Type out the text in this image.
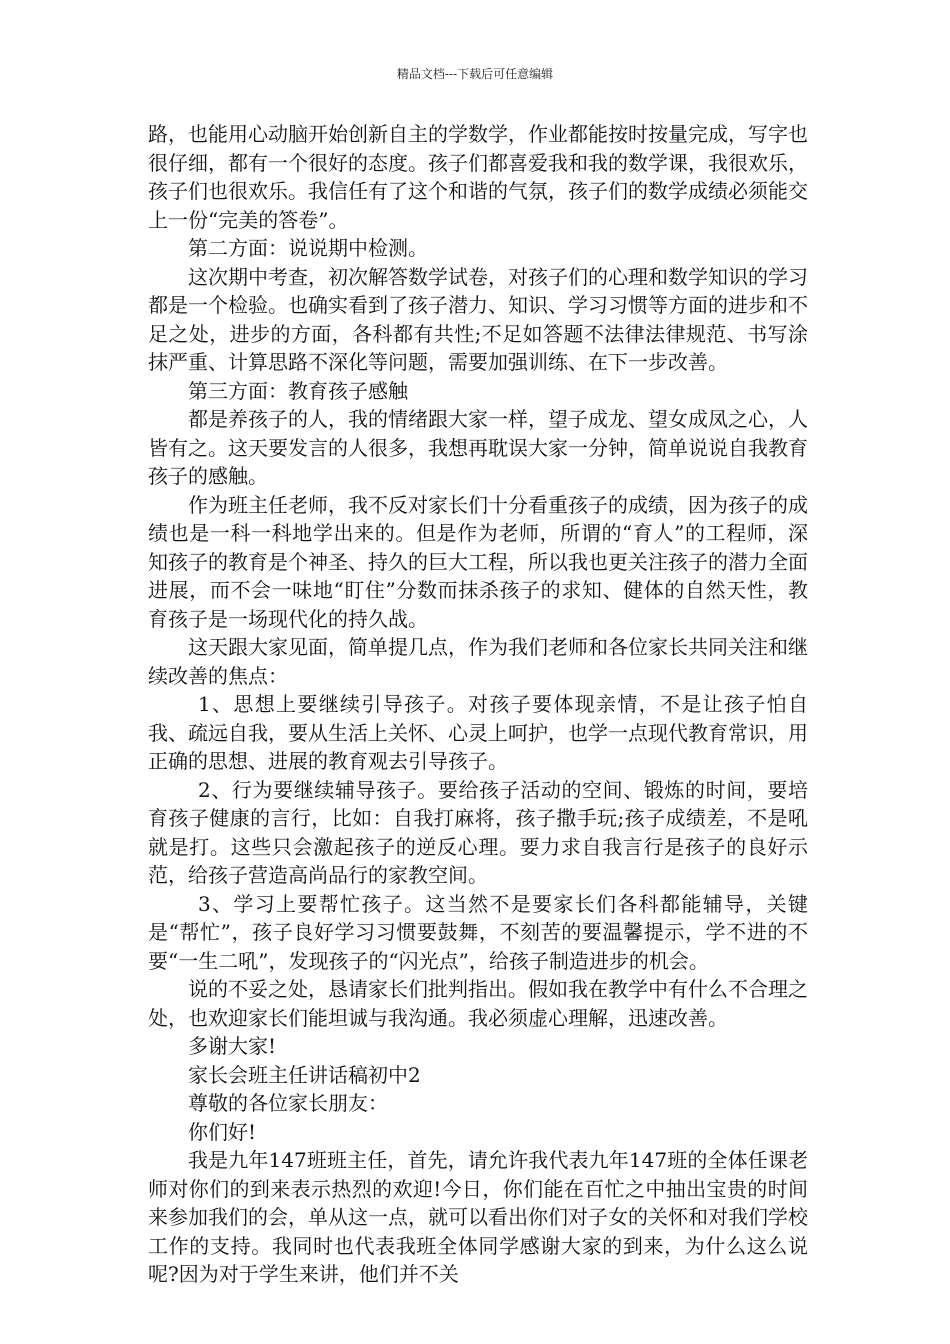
精品文档---下载后可任意编辑

路，也能用心动脑开始创新自主的学数学，作业都能按时按量完成，写字也很仔细，都有一个很好的态度。孩子们都喜爱我和我的数学课，我很欢乐，孩子们也很欢乐。我信任有了这个和谐的气氛，孩子们的数学成绩必须能交上一份“完美的答卷”。

第二方面：说说期中检测。

这次期中考查，初次解答数学试卷，对孩子们的心理和数学知识的学习都是一个检验。也确实看到了孩子潜力、知识、学习习惯等方面的进步和不足之处，进步的方面，各科都有共性;不足如答题不法律法律规范、书写涂抹严重、计算思路不深化等问题，需要加强训练、在下一步改善。

第三方面：教育孩子感触

都是养孩子的人，我的情绪跟大家一样，望子成龙、望女成凤之心，人皆有之。这天要发言的人很多，我想再耽误大家一分钟，简单说说自我教育孩子的感触。

作为班主任老师，我不反对家长们十分看重孩子的成绩，因为孩子的成绩也是一科一科地学出来的。但是作为老师，所谓的“育人”的工程师，深知孩子的教育是个神圣、持久的巨大工程，所以我也更关注孩子的潜力全面进展，而不会一味地“盯住”分数而抹杀孩子的求知、健体的自然天性，教育孩子是一场现代化的持久战。

这天跟大家见面，简单提几点，作为我们老师和各位家长共同关注和继续改善的焦点：

1、思想上要继续引导孩子。对孩子要体现亲情，不是让孩子怕自我、疏远自我，要从生活上关怀、心灵上呵护，也学一点现代教育常识，用正确的思想、进展的教育观去引导孩子。

2、行为要继续辅导孩子。要给孩子活动的空间、锻炼的时间，要培育孩子健康的言行，比如：自我打麻将，孩子撒手玩;孩子成绩差，不是吼就是打。这些只会激起孩子的逆反心理。要力求自我言行是孩子的良好示范，给孩子营造高尚品行的家教空间。

3、学习上要帮忙孩子。这当然不是要家长们各科都能辅导，关键是“帮忙”，孩子良好学习习惯要鼓舞，不刻苦的要温馨提示，学不进的不要“一生二吼”，发现孩子的“闪光点”，给孩子制造进步的机会。

说的不妥之处，恳请家长们批判指出。假如我在教学中有什么不合理之处，也欢迎家长们能坦诚与我沟通。我必须虚心理解，迅速改善。

多谢大家!

家长会班主任讲话稿初中2

尊敬的各位家长朋友：

你们好!

我是九年147班班主任，首先，请允许我代表九年147班的全体任课老师对你们的到来表示热烈的欢迎!今日，你们能在百忙之中抽出宝贵的时间来参加我们的会，单从这一点，就可以看出你们对子女的关怀和对我们学校工作的支持。我同时也代表我班全体同学感谢大家的到来，为什么这么说呢?因为对于学生来讲，他们并不关
